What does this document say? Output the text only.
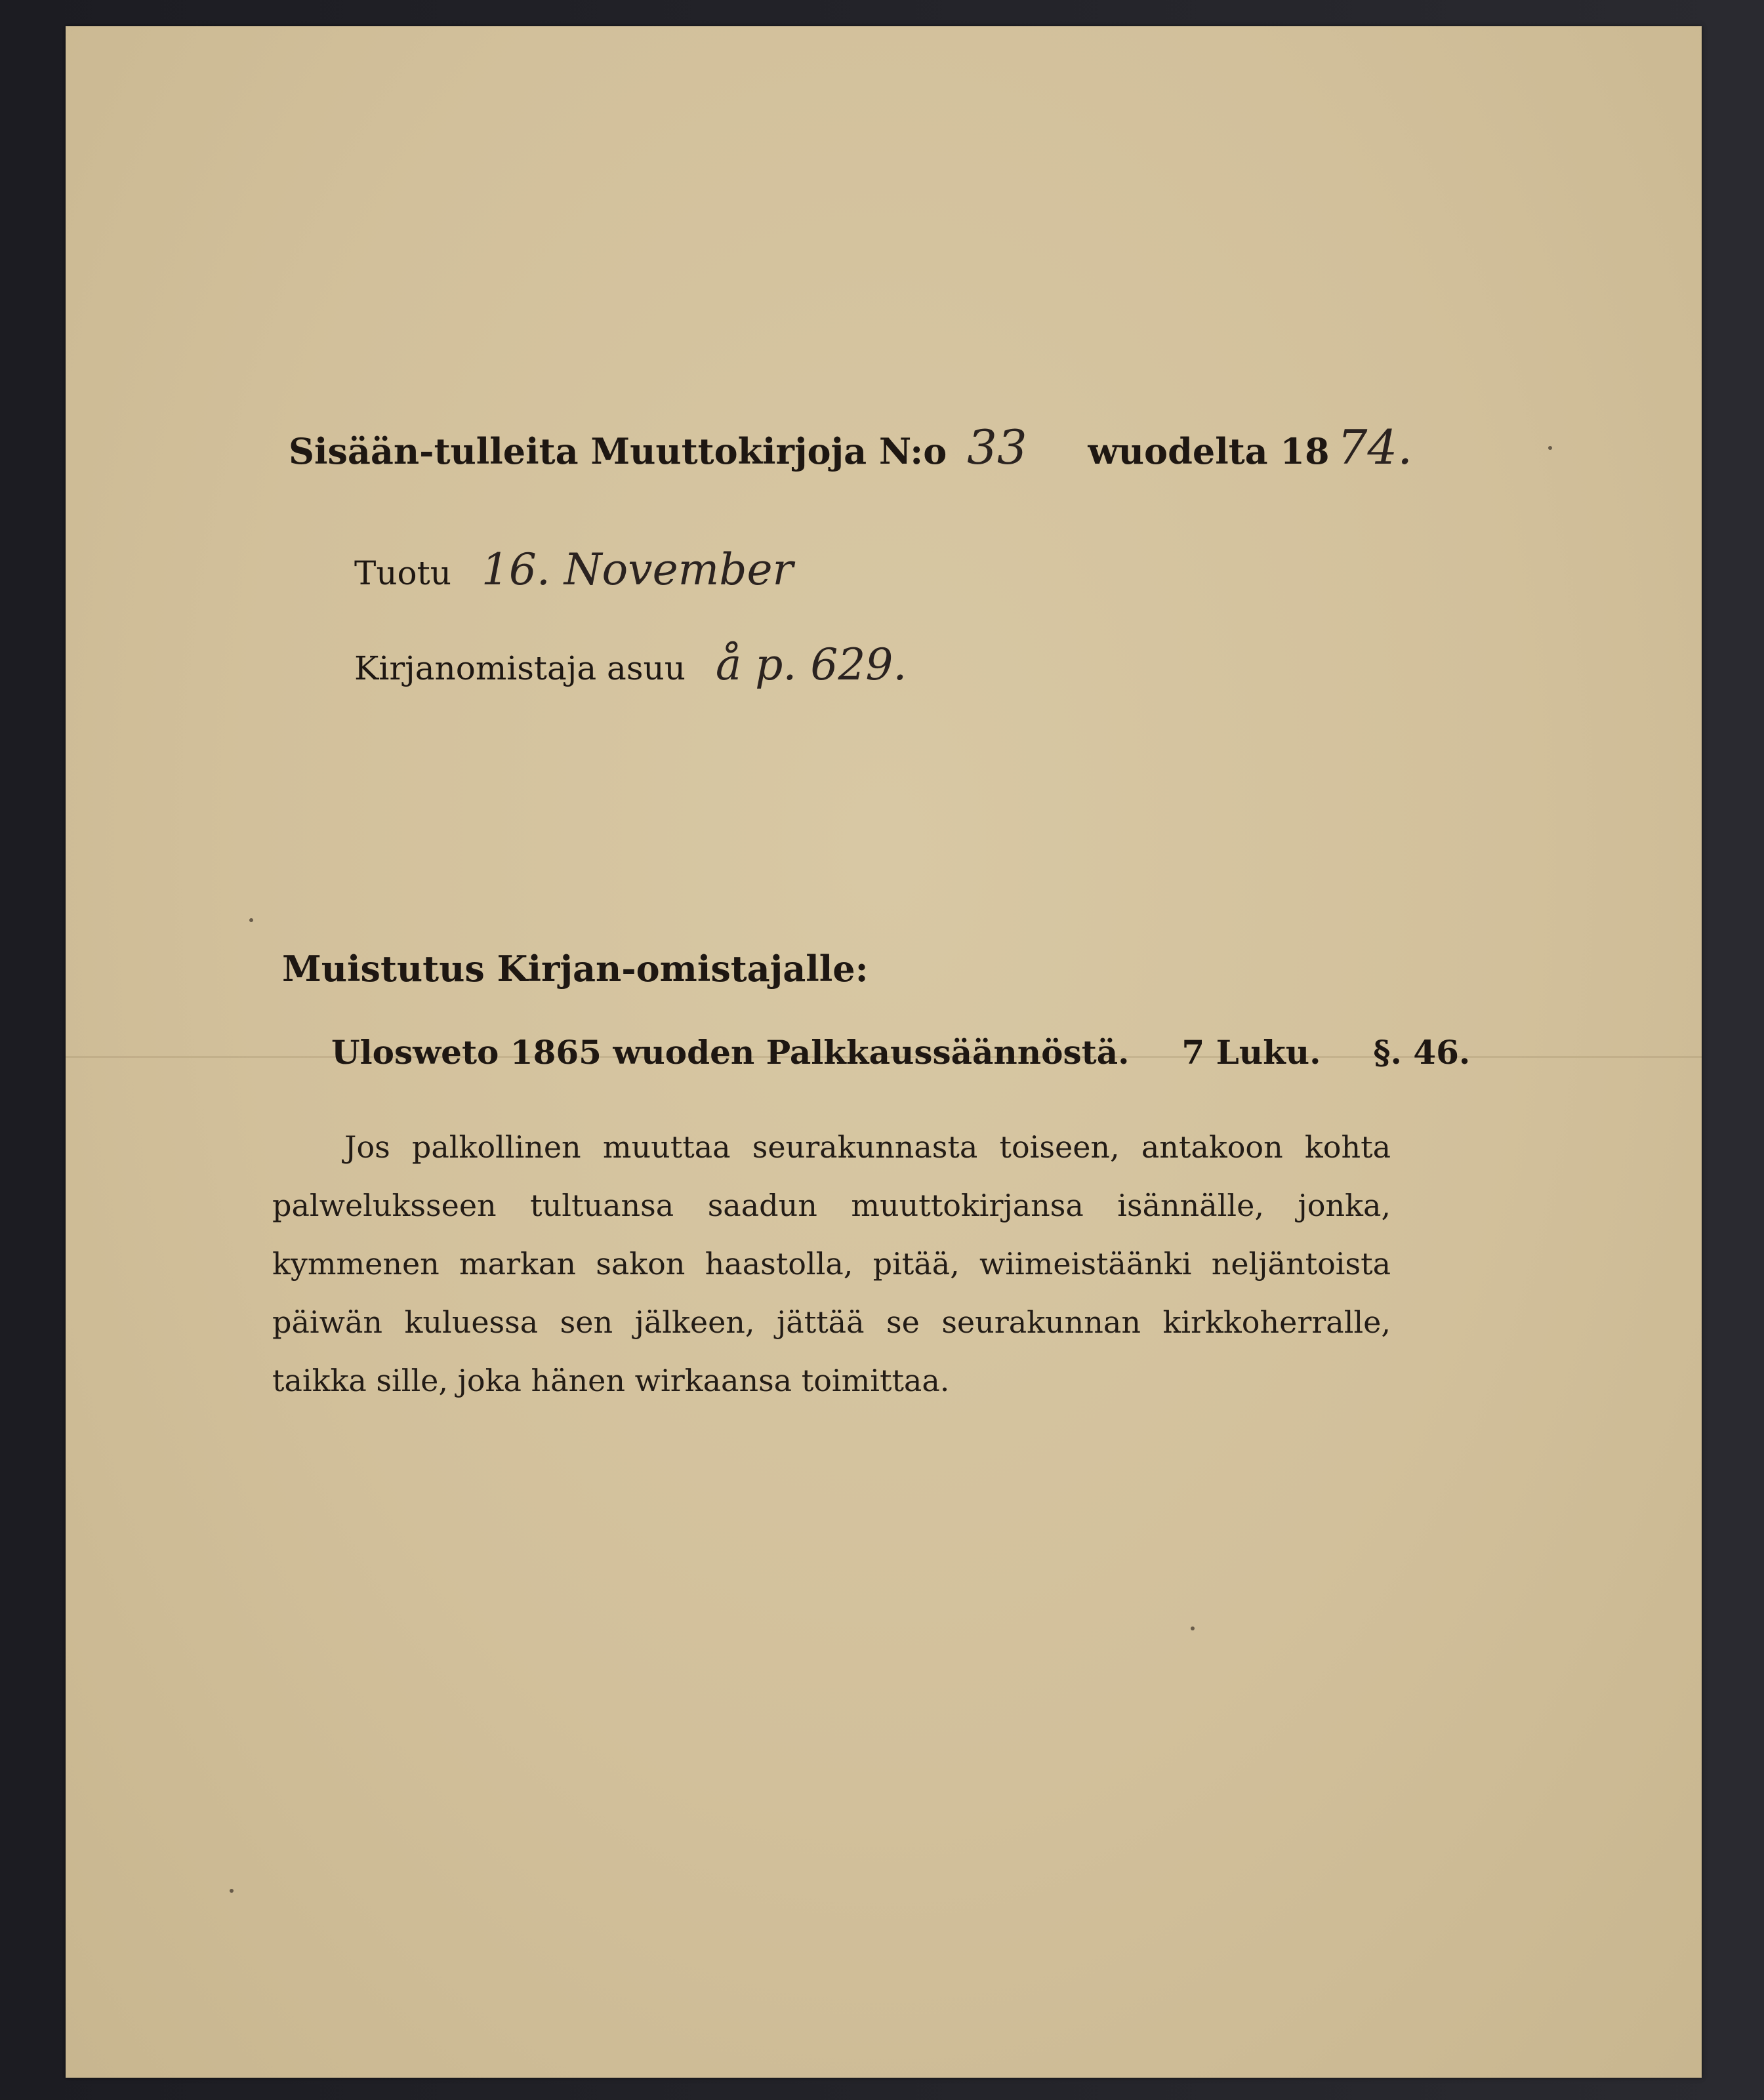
Sisään-tulleita Muuttokirjoja N:o 33 wuodelta 18 74.
Tuotu 16. November
Kirjanomistaja asuu å p. 629.
Muistutus Kirjan-omistajalle:
Ulosweto 1865 wuoden Palkkaussäännöstä. 7 Luku. §. 46.
Jos palkollinen muuttaa seurakunnasta toiseen, antakoon kohta palweluksseen tultuansa saadun muuttokirjansa isännälle, jonka, kymmenen markan sakon haastolla, pitää, wiimeistäänki neljäntoista päiwän kuluessa sen jälkeen, jättää se seurakunnan kirkkoherralle, taikka sille, joka hänen wirkaansa toimittaa.
